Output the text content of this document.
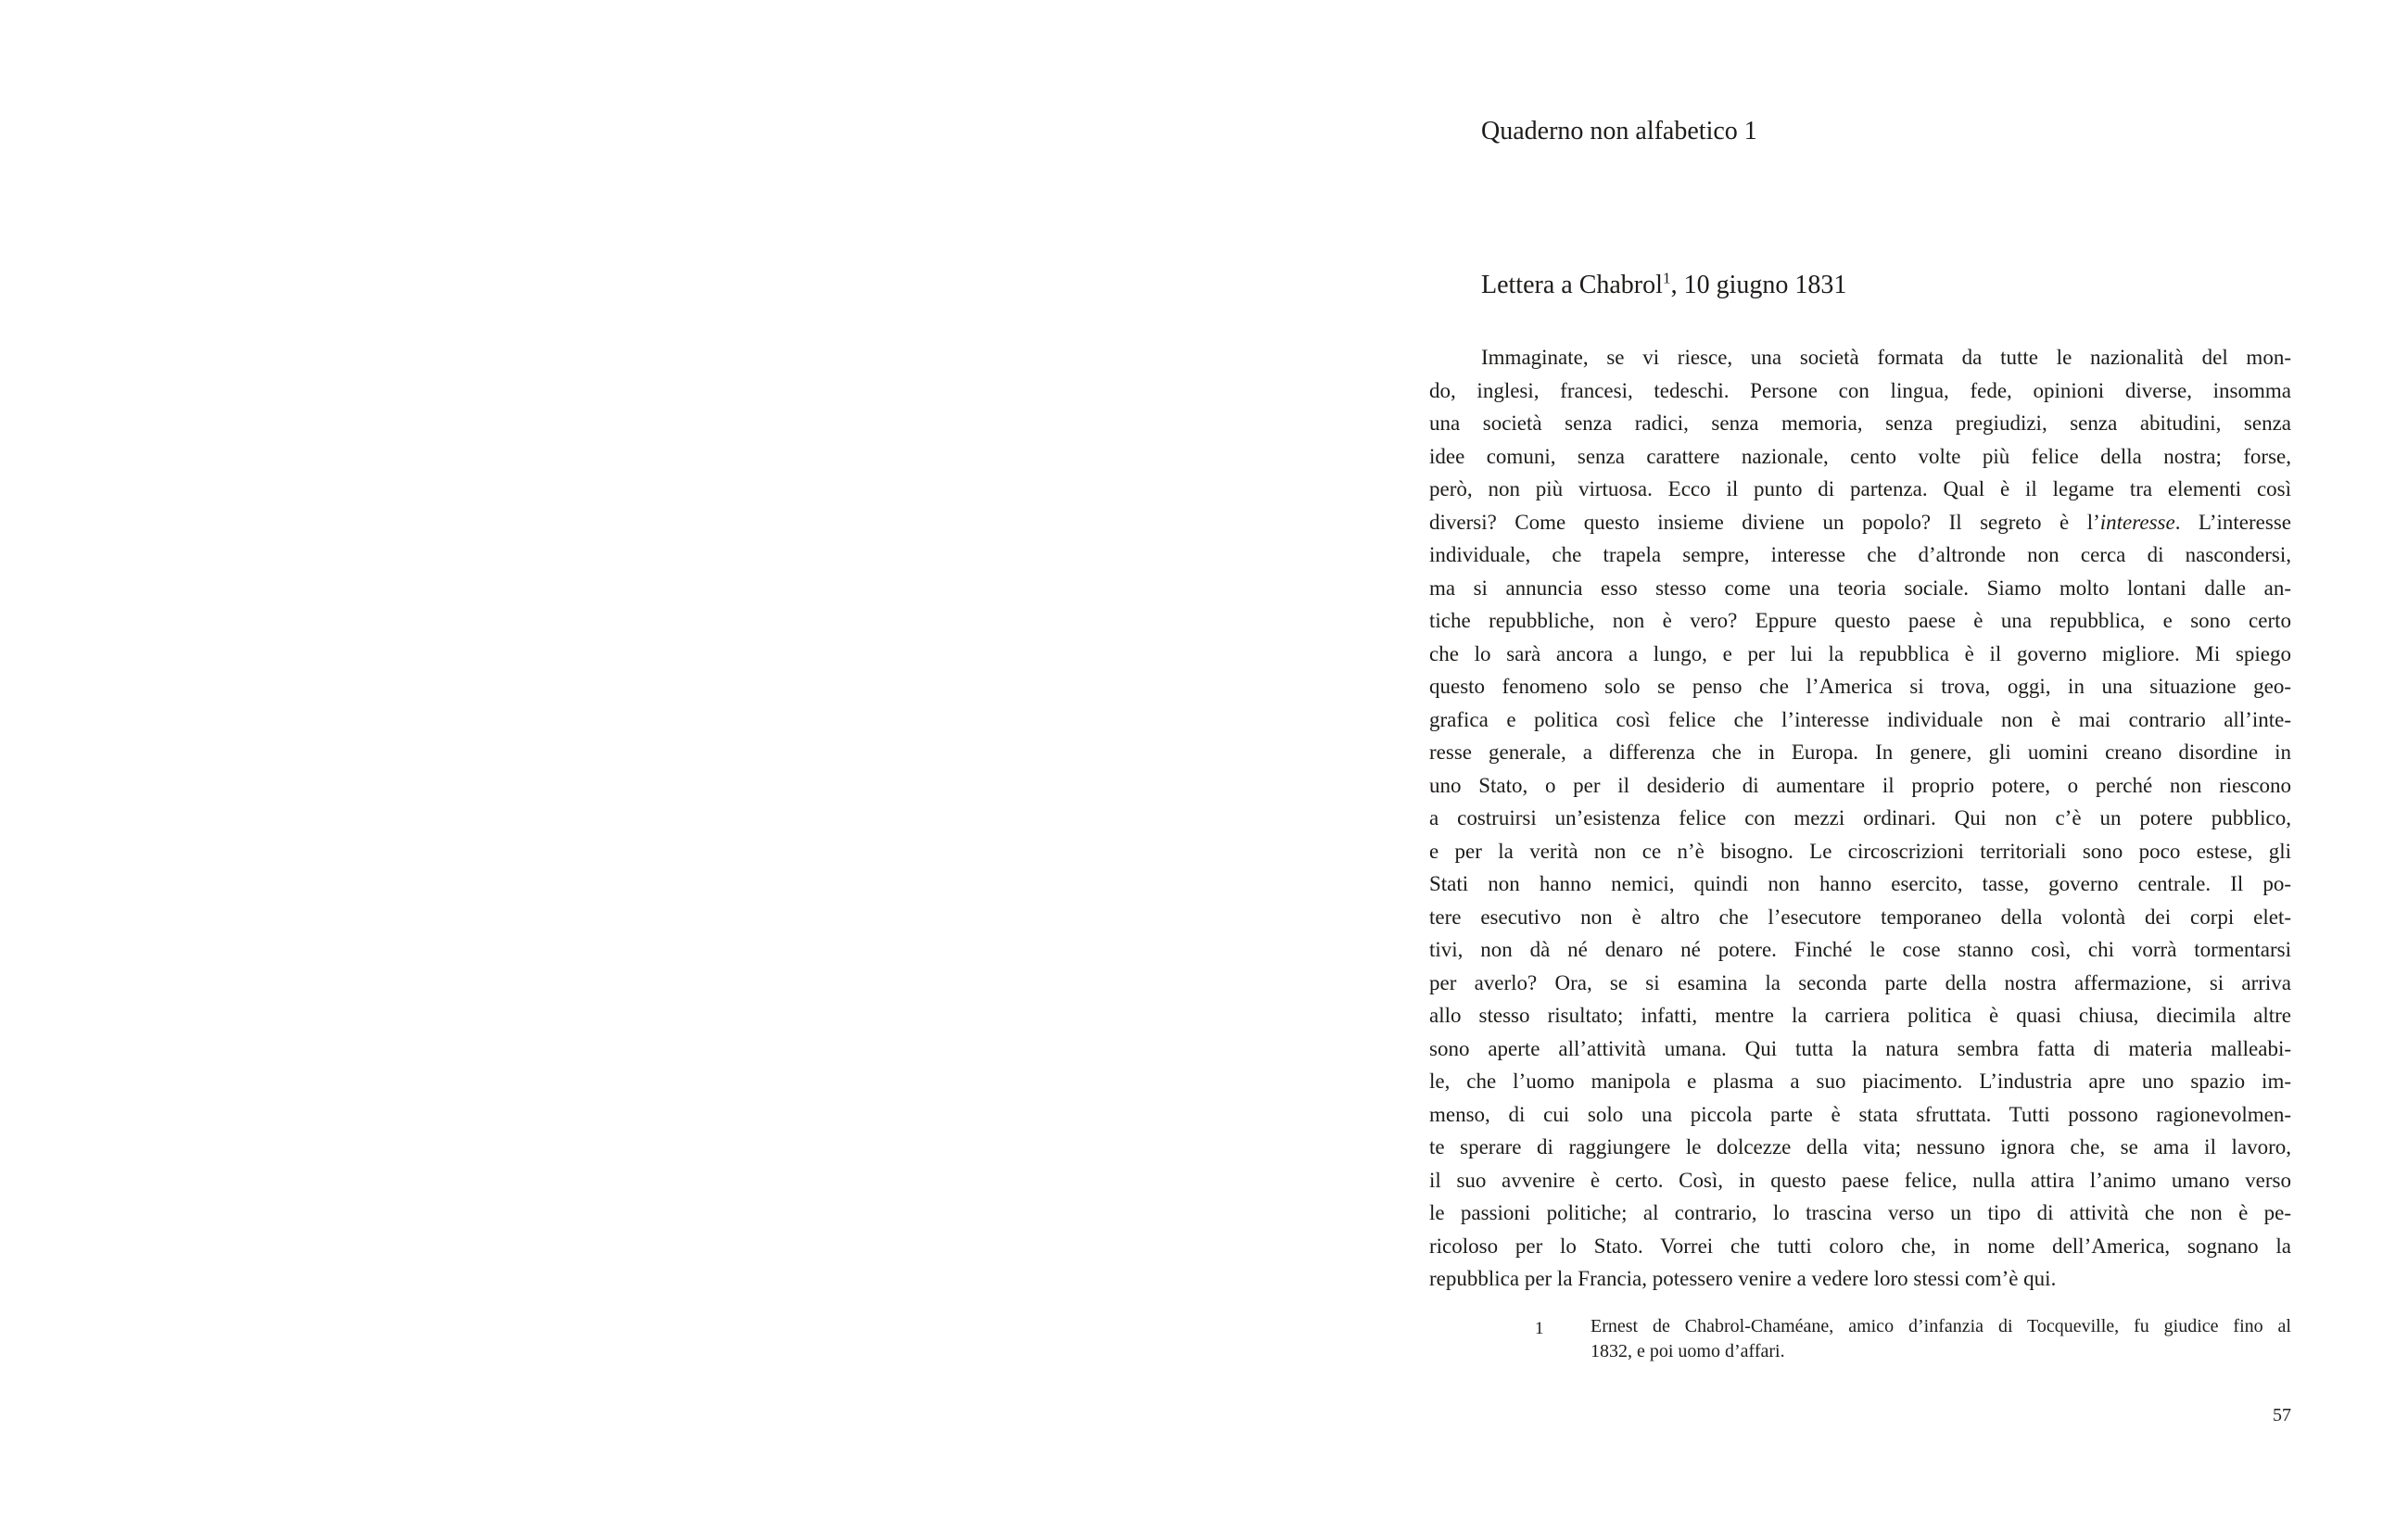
Quaderno non alfabetico 1
Lettera a Chabrol$^1$, 10 giugno 1831
Immaginate, se vi riesce, una società formata da tutte le nazionalità del mon-
do, inglesi, francesi, tedeschi. Persone con lingua, fede, opinioni diverse, insomma
una società senza radici, senza memoria, senza pregiudizi, senza abitudini, senza
idee comuni, senza carattere nazionale, cento volte più felice della nostra; forse,
però, non più virtuosa. Ecco il punto di partenza. Qual è il legame tra elementi così
diversi? Come questo insieme diviene un popolo? Il segreto è l’interesse. L’interesse
individuale, che trapela sempre, interesse che d’altronde non cerca di nascondersi,
ma si annuncia esso stesso come una teoria sociale. Siamo molto lontani dalle an-
tiche repubbliche, non è vero? Eppure questo paese è una repubblica, e sono certo
che lo sarà ancora a lungo, e per lui la repubblica è il governo migliore. Mi spiego
questo fenomeno solo se penso che l’America si trova, oggi, in una situazione geo-
grafica e politica così felice che l’interesse individuale non è mai contrario all’inte-
resse generale, a differenza che in Europa. In genere, gli uomini creano disordine in
uno Stato, o per il desiderio di aumentare il proprio potere, o perché non riescono
a costruirsi un’esistenza felice con mezzi ordinari. Qui non c’è un potere pubblico,
e per la verità non ce n’è bisogno. Le circoscrizioni territoriali sono poco estese, gli
Stati non hanno nemici, quindi non hanno esercito, tasse, governo centrale. Il po-
tere esecutivo non è altro che l’esecutore temporaneo della volontà dei corpi elet-
tivi, non dà né denaro né potere. Finché le cose stanno così, chi vorrà tormentarsi
per averlo? Ora, se si esamina la seconda parte della nostra affermazione, si arriva
allo stesso risultato; infatti, mentre la carriera politica è quasi chiusa, diecimila altre
sono aperte all’attività umana. Qui tutta la natura sembra fatta di materia malleabi-
le, che l’uomo manipola e plasma a suo piacimento. L’industria apre uno spazio im-
menso, di cui solo una piccola parte è stata sfruttata. Tutti possono ragionevolmen-
te sperare di raggiungere le dolcezze della vita; nessuno ignora che, se ama il lavoro,
il suo avvenire è certo. Così, in questo paese felice, nulla attira l’animo umano verso
le passioni politiche; al contrario, lo trascina verso un tipo di attività che non è pe-
ricoloso per lo Stato. Vorrei che tutti coloro che, in nome dell’America, sognano la
repubblica per la Francia, potessero venire a vedere loro stessi com’è qui.
1	Ernest de Chabrol-Chaméane, amico d’infanzia di Tocqueville, fu giudice fino al
1832, e poi uomo d’affari.
57
